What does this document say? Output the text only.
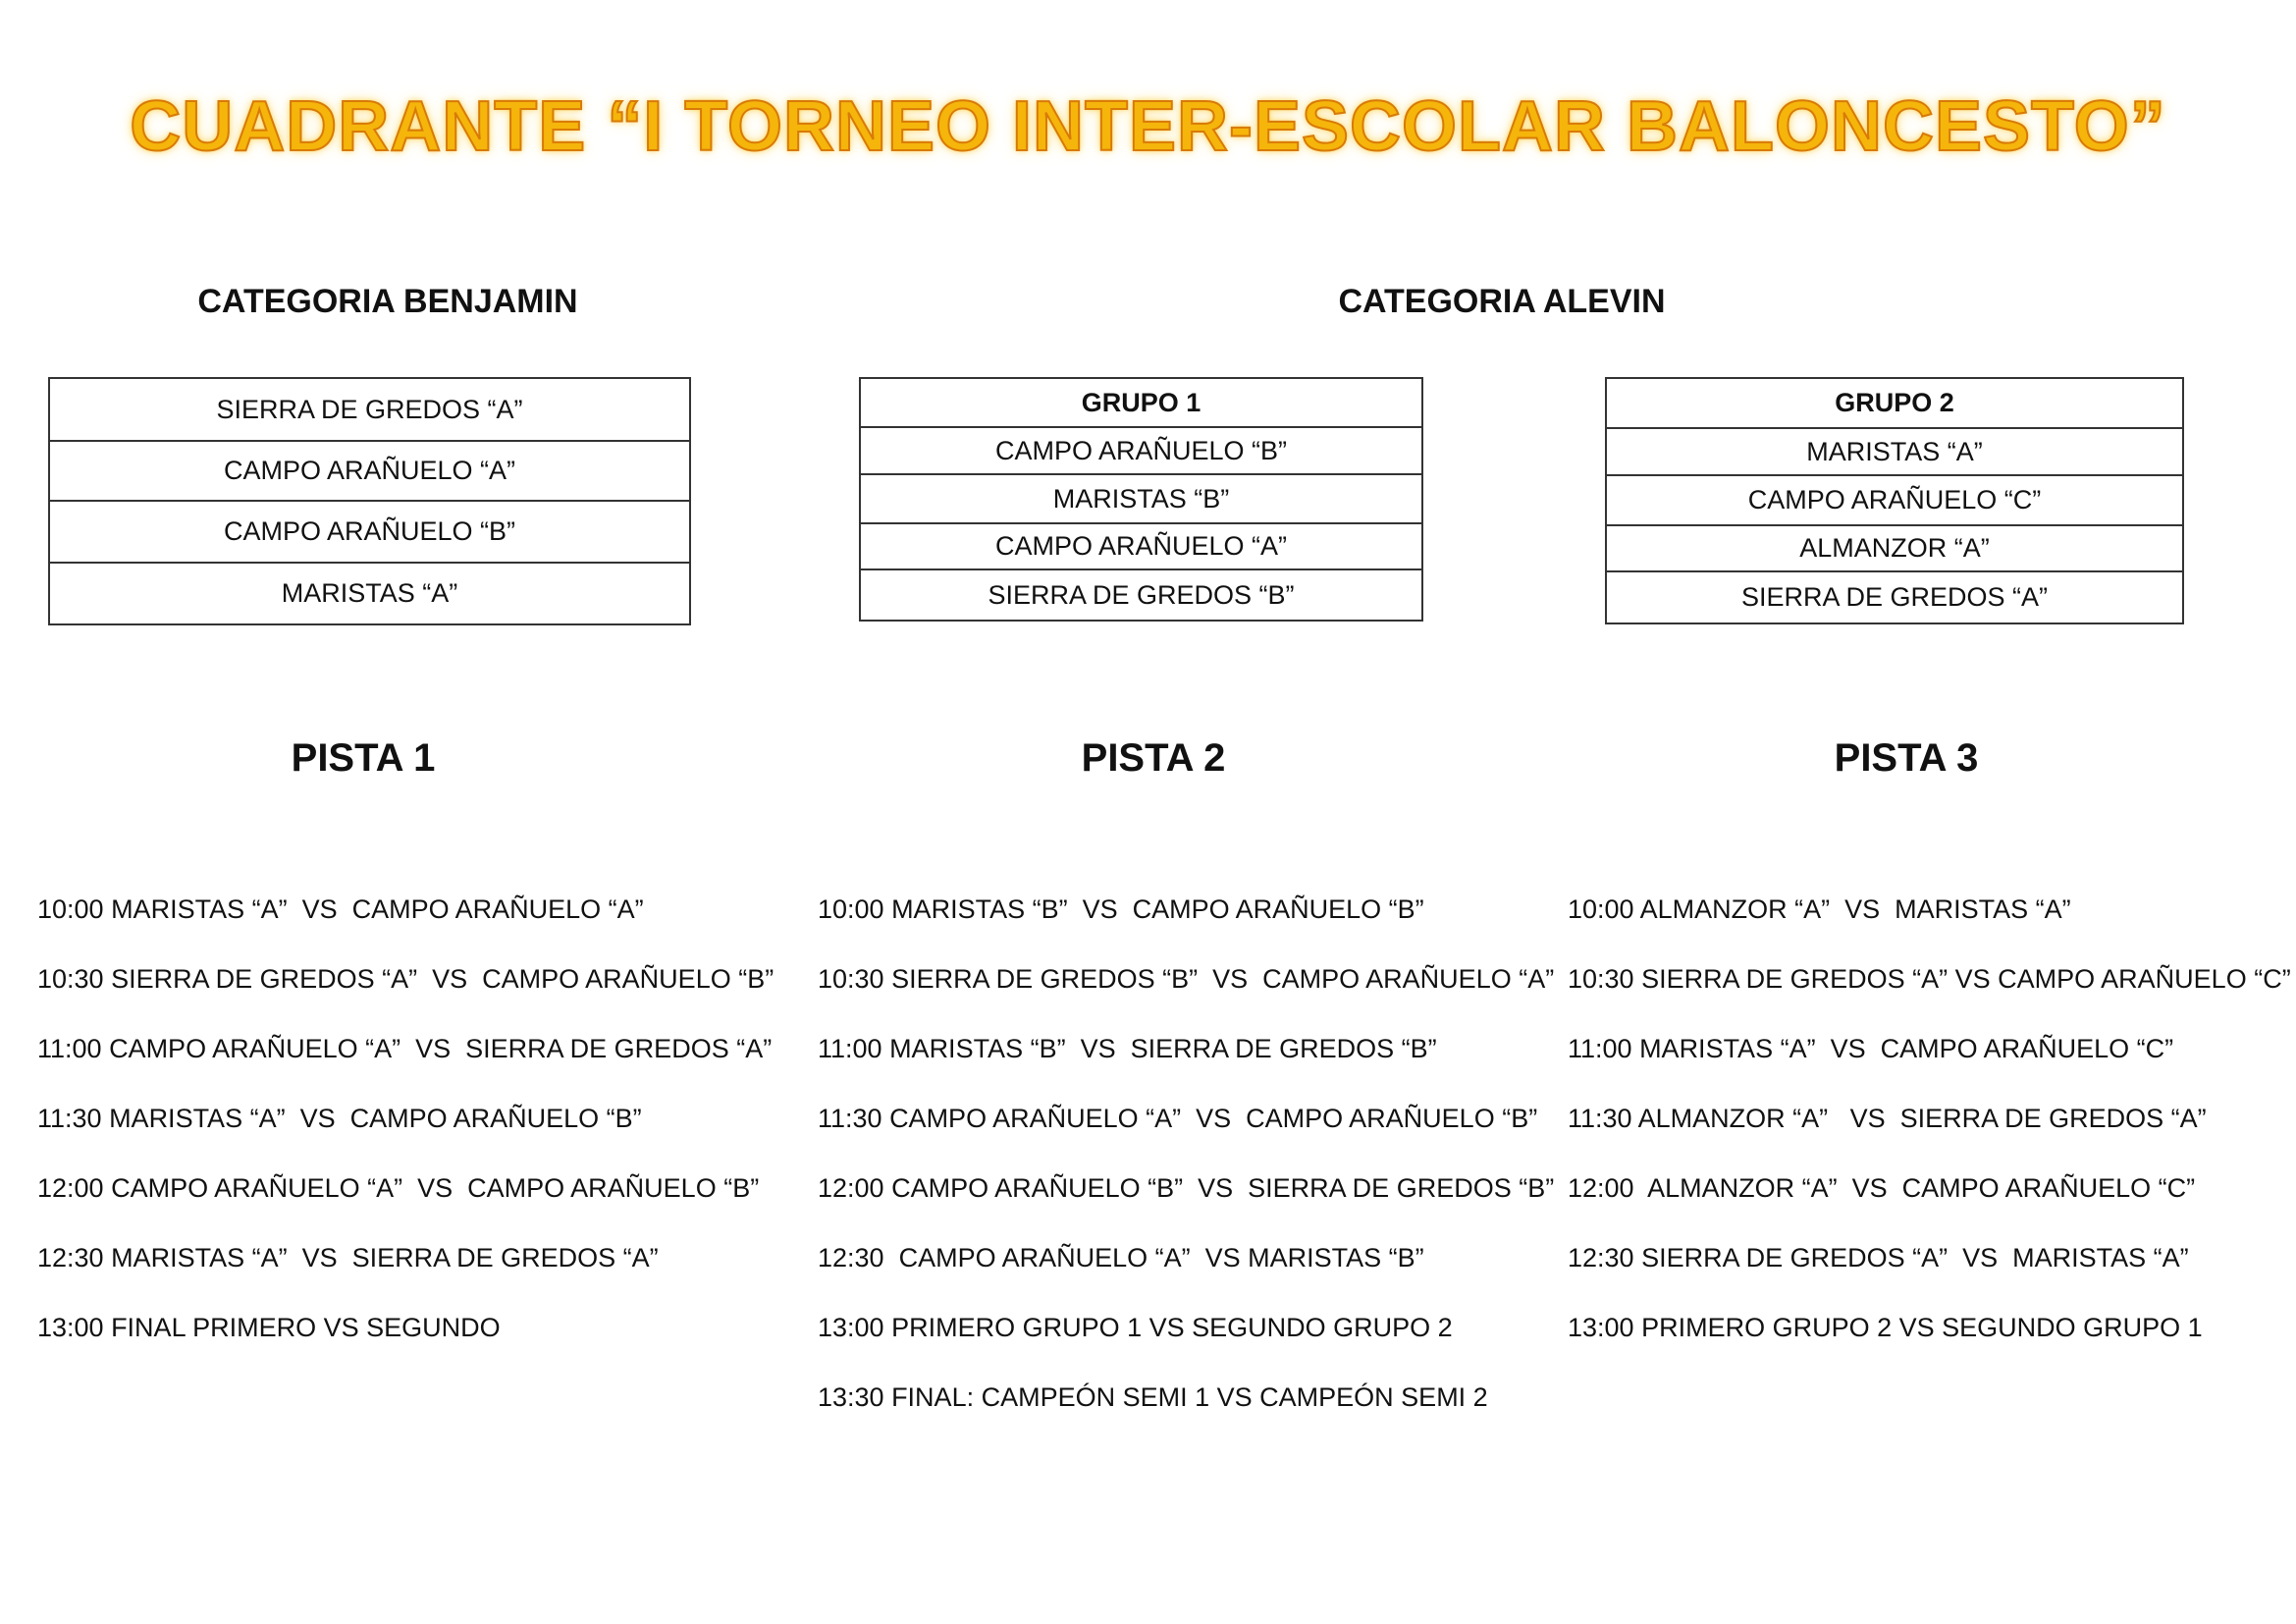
CUADRANTE “I TORNEO INTER-ESCOLAR BALONCESTO”
CATEGORIA BENJAMIN	CATEGORIA ALEVIN
SIERRA DE GREDOS “A”
CAMPO ARAÑUELO “A”
CAMPO ARAÑUELO “B”
MARISTAS “A”
GRUPO 1
CAMPO ARAÑUELO “B”
MARISTAS “B”
CAMPO ARAÑUELO “A”
SIERRA DE GREDOS “B”
GRUPO 2
MARISTAS “A”
CAMPO ARAÑUELO “C”
ALMANZOR “A”
SIERRA DE GREDOS “A”
PISTA 1	PISTA 2	PISTA 3
10:00 MARISTAS “A”  VS  CAMPO ARAÑUELO “A”
10:30 SIERRA DE GREDOS “A”  VS  CAMPO ARAÑUELO “B”
11:00 CAMPO ARAÑUELO “A”  VS  SIERRA DE GREDOS “A”
11:30 MARISTAS “A”  VS  CAMPO ARAÑUELO “B”
12:00 CAMPO ARAÑUELO “A”  VS  CAMPO ARAÑUELO “B”
12:30 MARISTAS “A”  VS  SIERRA DE GREDOS “A”
13:00 FINAL PRIMERO VS SEGUNDO
10:00 MARISTAS “B”  VS  CAMPO ARAÑUELO “B”
10:30 SIERRA DE GREDOS “B”  VS  CAMPO ARAÑUELO “A”
11:00 MARISTAS “B”  VS  SIERRA DE GREDOS “B”
11:30 CAMPO ARAÑUELO “A”  VS  CAMPO ARAÑUELO “B”
12:00 CAMPO ARAÑUELO “B”  VS  SIERRA DE GREDOS “B”
12:30  CAMPO ARAÑUELO “A”  VS MARISTAS “B”
13:00 PRIMERO GRUPO 1 VS SEGUNDO GRUPO 2
13:30 FINAL: CAMPEÓN SEMI 1 VS CAMPEÓN SEMI 2
10:00 ALMANZOR “A”  VS  MARISTAS “A”
10:30 SIERRA DE GREDOS “A” VS CAMPO ARAÑUELO “C”
11:00 MARISTAS “A”  VS  CAMPO ARAÑUELO “C”
11:30 ALMANZOR “A”   VS  SIERRA DE GREDOS “A”
12:00  ALMANZOR “A”  VS  CAMPO ARAÑUELO “C”
12:30 SIERRA DE GREDOS “A”  VS  MARISTAS “A”
13:00 PRIMERO GRUPO 2 VS SEGUNDO GRUPO 1
